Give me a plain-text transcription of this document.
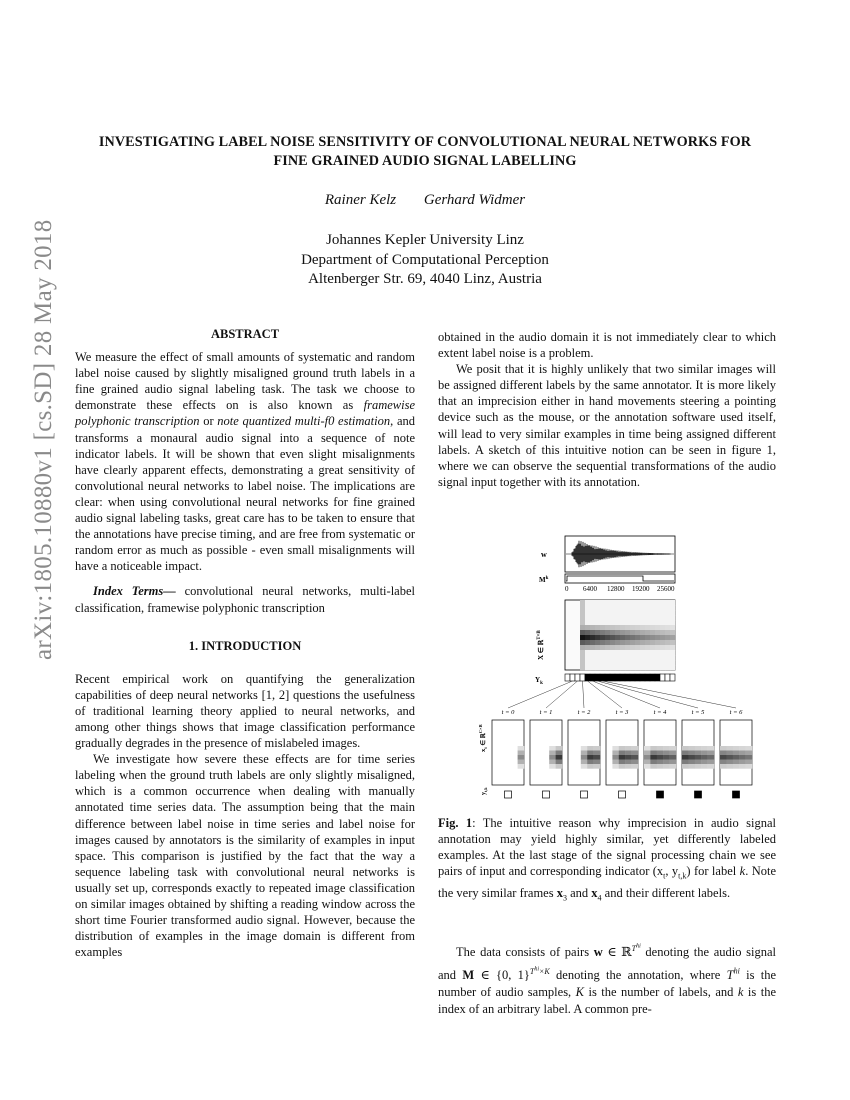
arXiv:1805.10880v1 [cs.SD] 28 May 2018
INVESTIGATING LABEL NOISE SENSITIVITY OF CONVOLUTIONAL NEURAL NETWORKS FOR FINE GRAINED AUDIO SIGNAL LABELLING
Rainer Kelz Gerhard Widmer
Johannes Kepler University Linz
Department of Computational Perception
Altenberger Str. 69, 4040 Linz, Austria
ABSTRACT

We measure the effect of small amounts of systematic and random label noise caused by slightly misaligned ground truth labels in a fine grained audio signal labeling task. The task we choose to demonstrate these effects on is also known as framewise polyphonic transcription or note quantized multi-f0 estimation, and transforms a monaural audio signal into a sequence of note indicator labels. It will be shown that even slight misalignments have clearly apparent effects, demonstrating a great sensitivity of convolutional neural networks to label noise. The implications are clear: when using convolutional neural networks for fine grained audio signal labeling tasks, great care has to be taken to ensure that the annotations have precise timing, and are free from systematic or random error as much as possible - even small misalignments will have a noticeable impact.

Index Terms— convolutional neural networks, multi-label classification, framewise polyphonic transcription

1. INTRODUCTION

Recent empirical work on quantifying the generalization capabilities of deep neural networks [1, 2] questions the usefulness of traditional learning theory applied to neural networks, and among other things shows that image classification performance gradually degrades in the presence of mislabeled images.

We investigate how severe these effects are for time series labeling when the ground truth labels are only slightly misaligned, which is a common occurrence when dealing with manually annotated time series data. The assumption being that the main difference between label noise in time series and label noise for images caused by annotators is the similarity of examples in input space. This comparison is justified by the fact that the way a sequence labeling task with convolutional neural networks is usually set up, corresponds exactly to repeated image classification on similar images obtained by shifting a reading window across the short time Fourier transformed audio signal. However, because the distribution of examples in the image domain is different from examples

obtained in the audio domain it is not immediately clear to which extent label noise is a problem.

We posit that it is highly unlikely that two similar images will be assigned different labels by the same annotator. It is more likely that an imprecision either in hand movements steering a pointing device such as the mouse, or the annotation software used itself, will lead to very similar examples in time being assigned different labels. A sketch of this intuitive notion can be seen in figure 1, where we can observe the sequential transformations of the audio signal input together with its annotation.

w
$M^k$
0 6400 12800 19200 25600
X ∈ ℝ$^{T\times B}$
$Y_k$
t = 0	t = 1	t = 2	t = 3	t = 4	t = 5	t = 6
$x_t$ ∈ ℝ$^{C\times B}$
$y_{t,k}$

Fig. 1: The intuitive reason why imprecision in audio signal annotation may yield highly similar, yet differently labeled examples. At the last stage of the signal processing chain we see pairs of input and corresponding indicator ($x_t$, $y_{t,k}$) for label k. Note the very similar frames $x_3$ and $x_4$ and their different labels.

The data consists of pairs w ∈ ℝ$^{T^{hi}}$ denoting the audio signal and M ∈ {0, 1}$^{T^{hi}\times K}$ denoting the annotation, where $T^{hi}$ is the number of audio samples, K is the number of labels, and k is the index of an arbitrary label. A common pre-
